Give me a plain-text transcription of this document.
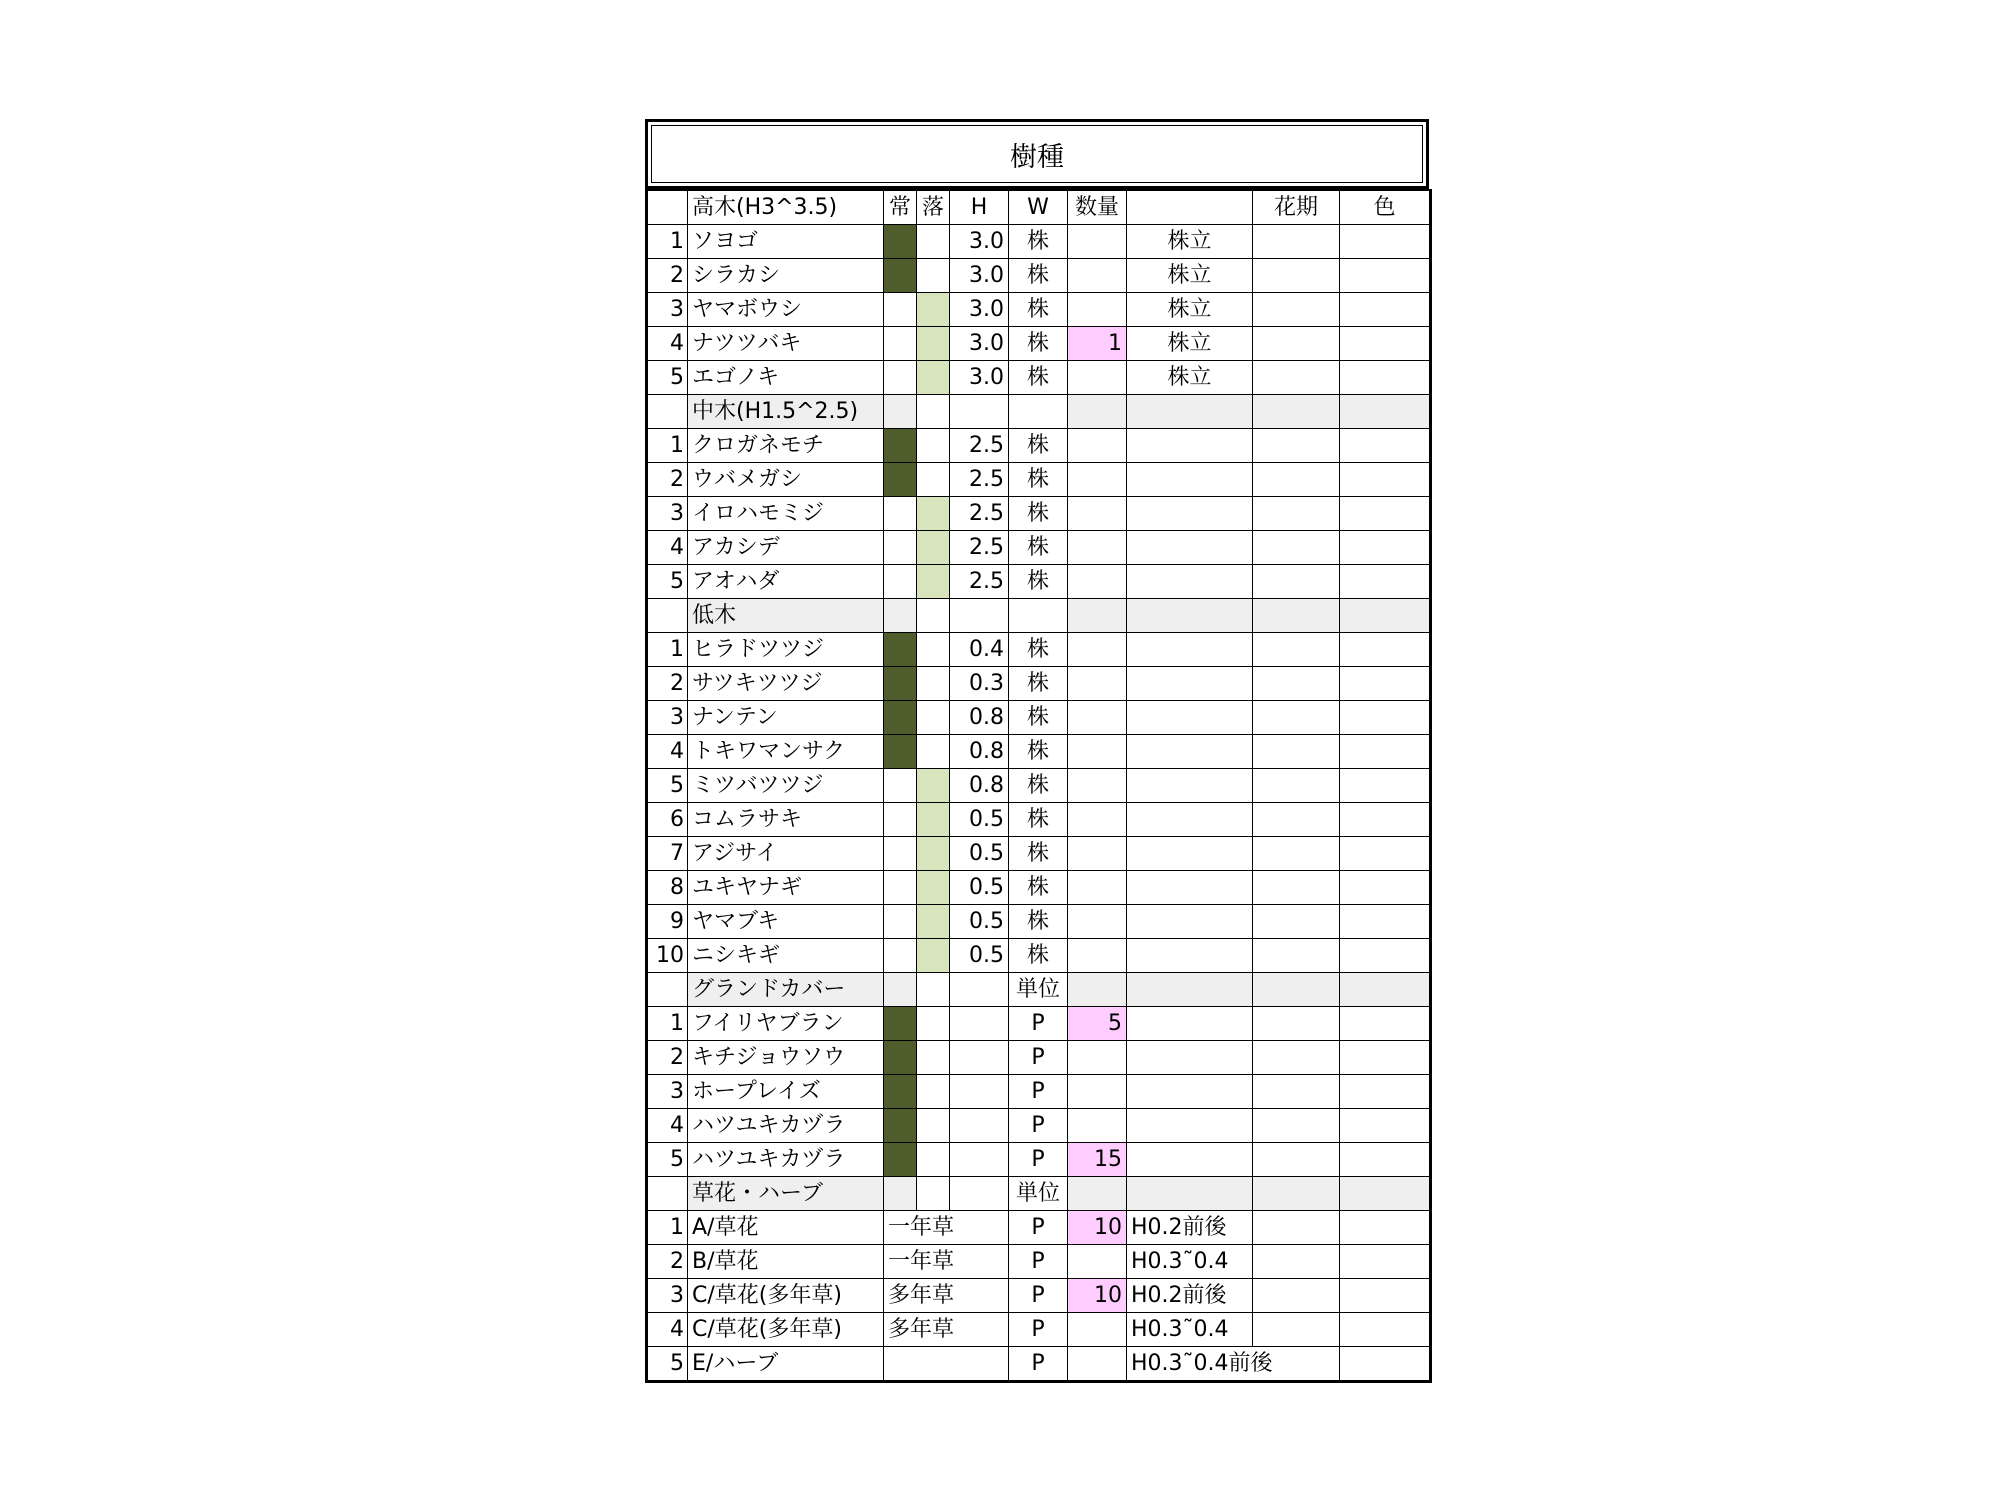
樹種
	高木(H3^3.5)	常	落	H	W	数量		花期	色
1	ソヨゴ			3.0	株		株立		
2	シラカシ			3.0	株		株立		
3	ヤマボウシ			3.0	株		株立		
4	ナツツバキ			3.0	株	1	株立		
5	エゴノキ			3.0	株		株立		
	中木(H1.5^2.5)								
1	クロガネモチ			2.5	株				
2	ウバメガシ			2.5	株				
3	イロハモミジ			2.5	株				
4	アカシデ			2.5	株				
5	アオハダ			2.5	株				
	低木								
1	ヒラドツツジ			0.4	株				
2	サツキツツジ			0.3	株				
3	ナンテン			0.8	株				
4	トキワマンサク			0.8	株				
5	ミツバツツジ			0.8	株				
6	コムラサキ			0.5	株				
7	アジサイ			0.5	株				
8	ユキヤナギ			0.5	株				
9	ヤマブキ			0.5	株				
10	ニシキギ			0.5	株				
	グランドカバー				単位				
1	フイリヤブラン				P	5			
2	キチジョウソウ				P				
3	ホープレイズ				P				
4	ハツユキカヅラ				P				
5	ハツユキカヅラ				P	15			
	草花・ハーブ				単位				
1	A/草花	一年草			P	10	H0.2前後		
2	B/草花	一年草			P		H0.3˜0.4		
3	C/草花(多年草)	多年草			P	10	H0.2前後		
4	C/草花(多年草)	多年草			P		H0.3˜0.4		
5	E/ハーブ				P		H0.3˜0.4前後		
